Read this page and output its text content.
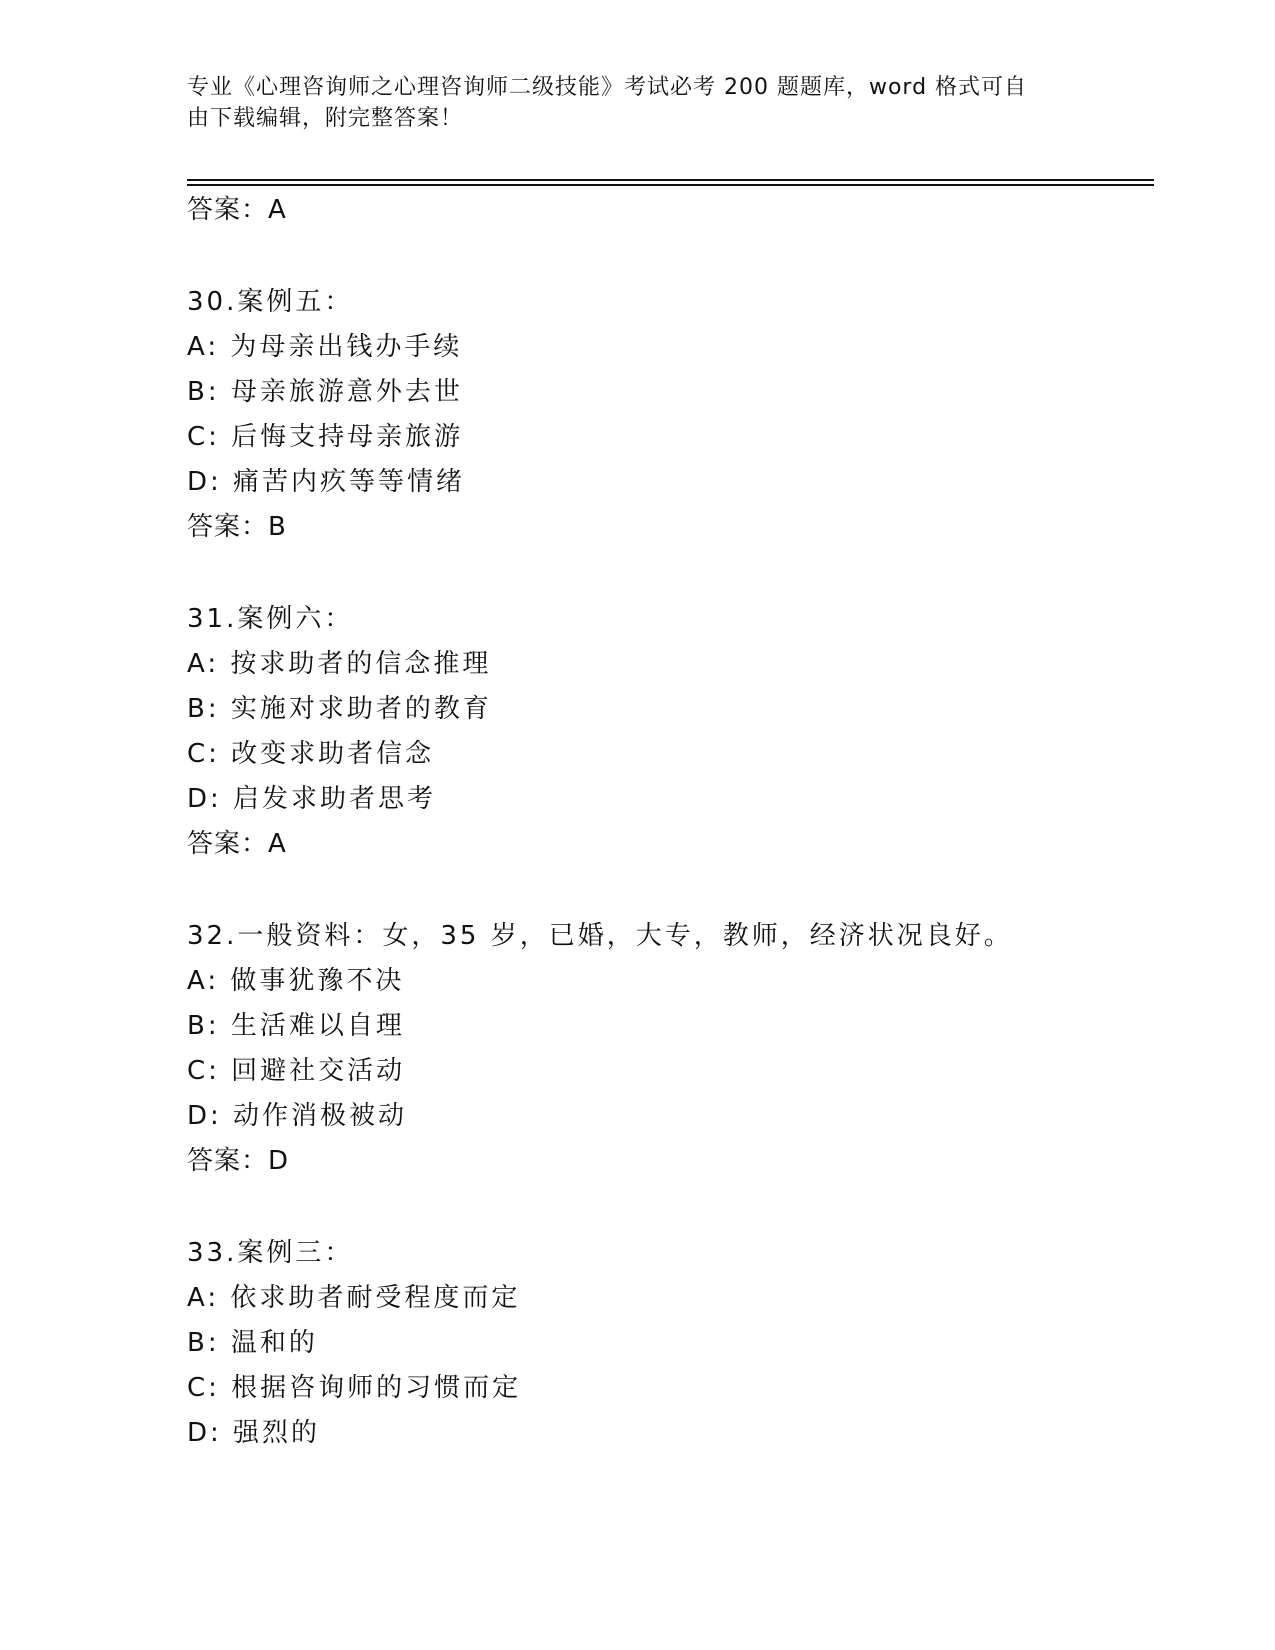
专业《心理咨询师之心理咨询师二级技能》考试必考 200 题题库，word 格式可自
由下载编辑，附完整答案！
答案：A
30.案例五：
A: 为母亲出钱办手续
B: 母亲旅游意外去世
C: 后悔支持母亲旅游
D: 痛苦内疚等等情绪
答案：B
31.案例六：
A: 按求助者的信念推理
B: 实施对求助者的教育
C: 改变求助者信念
D: 启发求助者思考
答案：A
32.一般资料：女，35 岁，已婚，大专，教师，经济状况良好。
A: 做事犹豫不决
B: 生活难以自理
C: 回避社交活动
D: 动作消极被动
答案：D
33.案例三：
A: 依求助者耐受程度而定
B: 温和的
C: 根据咨询师的习惯而定
D: 强烈的
